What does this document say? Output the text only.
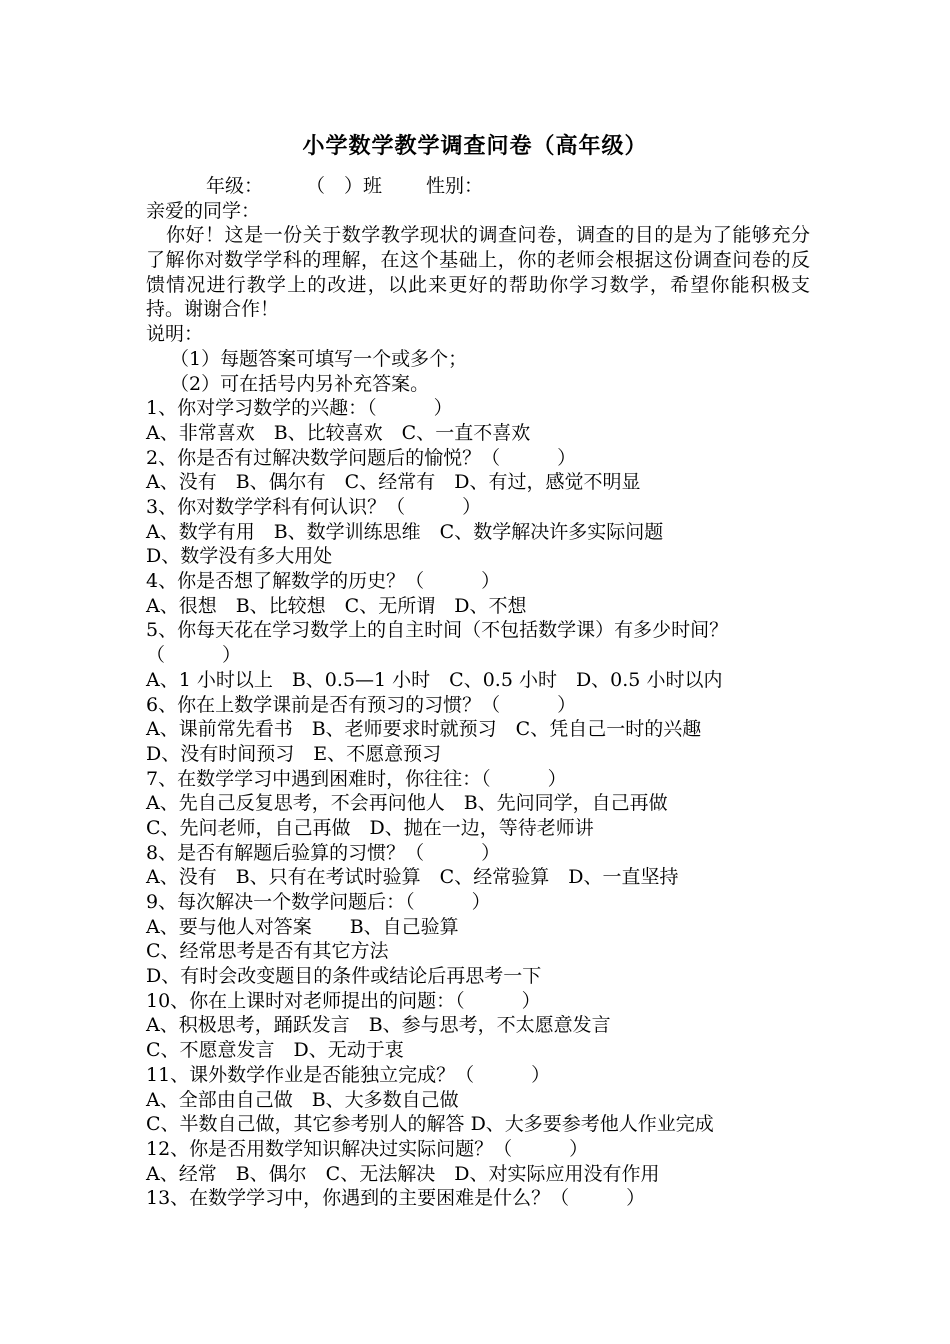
小学数学教学调查问卷（高年级）
年级： （　）班 性别：
亲爱的同学：
你好！这是一份关于数学教学现状的调查问卷，调查的目的是为了能够充分了解你对数学学科的理解，在这个基础上，你的老师会根据这份调查问卷的反馈情况进行教学上的改进，以此来更好的帮助你学习数学，希望你能积极支持。谢谢合作！
说明：
（1）每题答案可填写一个或多个；
（2）可在括号内另补充答案。
1、你对学习数学的兴趣：（　　　）
A、非常喜欢　B、比较喜欢　C、一直不喜欢
2、你是否有过解决数学问题后的愉悦？（　　　）
A、没有　B、偶尔有　C、经常有　D、有过，感觉不明显
3、你对数学学科有何认识？（　　　）
A、数学有用　B、数学训练思维　C、数学解决许多实际问题
D、数学没有多大用处
4、你是否想了解数学的历史？（　　　）
A、很想　B、比较想　C、无所谓　D、不想
5、你每天花在学习数学上的自主时间（不包括数学课）有多少时间？
（　　　）
A、1 小时以上　B、0.5—1 小时　C、0.5 小时　D、0.5 小时以内
6、你在上数学课前是否有预习的习惯？（　　　）
A、课前常先看书　B、老师要求时就预习　C、凭自己一时的兴趣
D、没有时间预习　E、不愿意预习
7、在数学学习中遇到困难时，你往往：（　　　）
A、先自己反复思考，不会再问他人　B、先问同学，自己再做
C、先问老师，自己再做　D、抛在一边，等待老师讲
8、是否有解题后验算的习惯？（　　　）
A、没有　B、只有在考试时验算　C、经常验算　D、一直坚持
9、每次解决一个数学问题后：（　　　）
A、要与他人对答案　　B、自己验算
C、经常思考是否有其它方法
D、有时会改变题目的条件或结论后再思考一下
10、你在上课时对老师提出的问题：（　　　）
A、积极思考，踊跃发言　B、参与思考，不太愿意发言
C、不愿意发言　D、无动于衷
11、课外数学作业是否能独立完成？（　　　）
A、全部由自己做　B、大多数自己做
C、半数自己做，其它参考别人的解答 D、大多要参考他人作业完成
12、你是否用数学知识解决过实际问题？（　　　）
A、经常　B、偶尔　C、无法解决　D、对实际应用没有作用
13、在数学学习中，你遇到的主要困难是什么？（　　　）
